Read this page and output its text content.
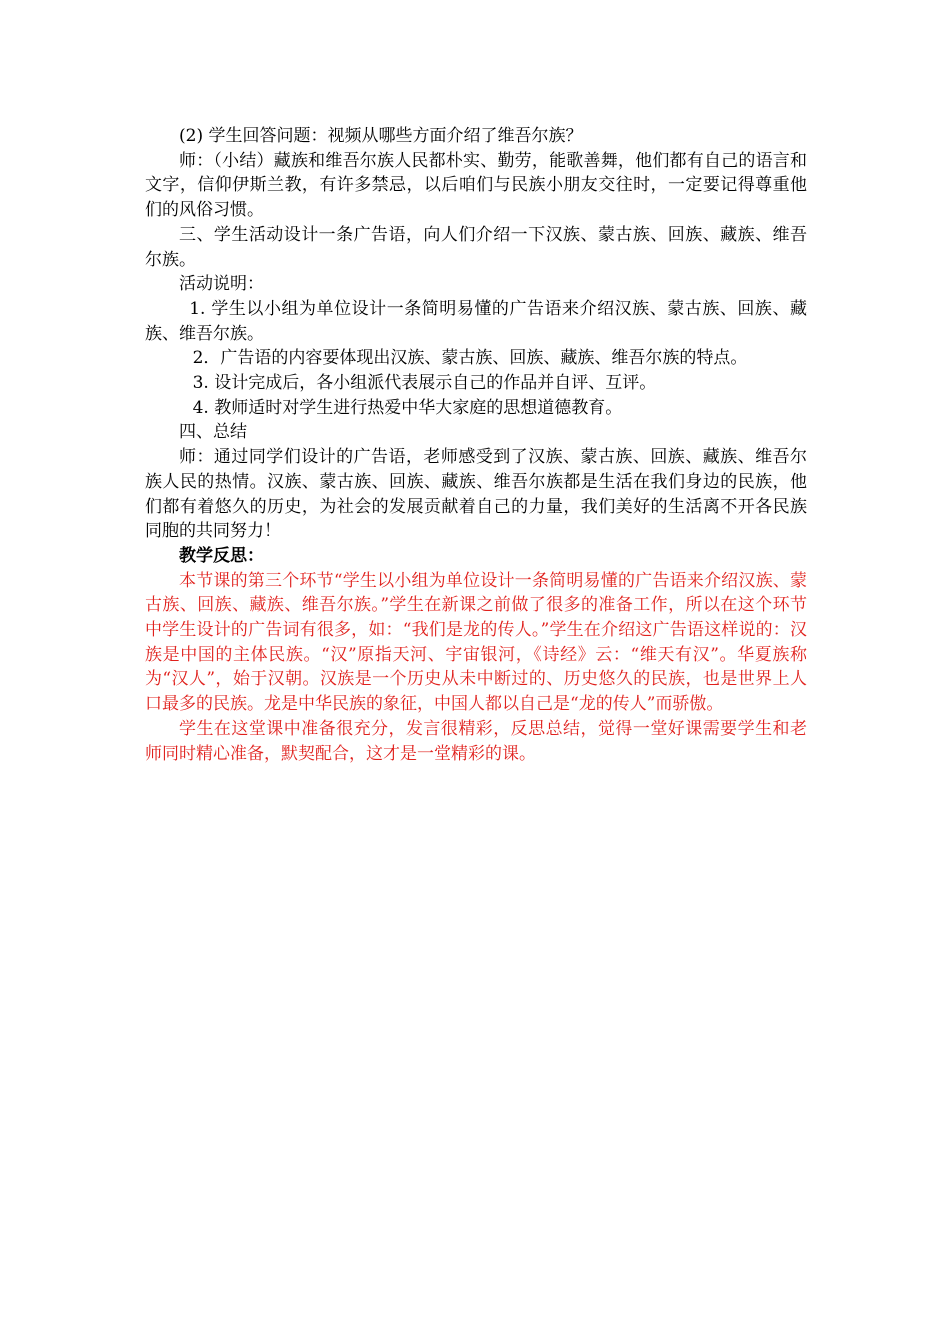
(2) 学生回答问题：视频从哪些方面介绍了维吾尔族？

师：（小结）藏族和维吾尔族人民都朴实、勤劳，能歌善舞，他们都有自己的语言和文字，信仰伊斯兰教，有许多禁忌，以后咱们与民族小朋友交往时，一定要记得尊重他们的风俗习惯。

三、学生活动设计一条广告语，向人们介绍一下汉族、蒙古族、回族、藏族、维吾尔族。

活动说明：

1. 学生以小组为单位设计一条简明易懂的广告语来介绍汉族、蒙古族、回族、藏族、维吾尔族。

2．广告语的内容要体现出汉族、蒙古族、回族、藏族、维吾尔族的特点。

3. 设计完成后，各小组派代表展示自己的作品并自评、互评。

4. 教师适时对学生进行热爱中华大家庭的思想道德教育。

四、总结

师：通过同学们设计的广告语，老师感受到了汉族、蒙古族、回族、藏族、维吾尔族人民的热情。汉族、蒙古族、回族、藏族、维吾尔族都是生活在我们身边的民族，他们都有着悠久的历史，为社会的发展贡献着自己的力量，我们美好的生活离不开各民族同胞的共同努力！

教学反思：

本节课的第三个环节“学生以小组为单位设计一条简明易懂的广告语来介绍汉族、蒙古族、回族、藏族、维吾尔族。”学生在新课之前做了很多的准备工作，所以在这个环节中学生设计的广告词有很多，如：“我们是龙的传人。”学生在介绍这广告语这样说的：汉族是中国的主体民族。“汉”原指天河、宇宙银河，《诗经》云：“维天有汉”。华夏族称为“汉人”，始于汉朝。汉族是一个历史从未中断过的、历史悠久的民族，也是世界上人口最多的民族。龙是中华民族的象征，中国人都以自己是“龙的传人”而骄傲。

学生在这堂课中准备很充分，发言很精彩，反思总结，觉得一堂好课需要学生和老师同时精心准备，默契配合，这才是一堂精彩的课。
